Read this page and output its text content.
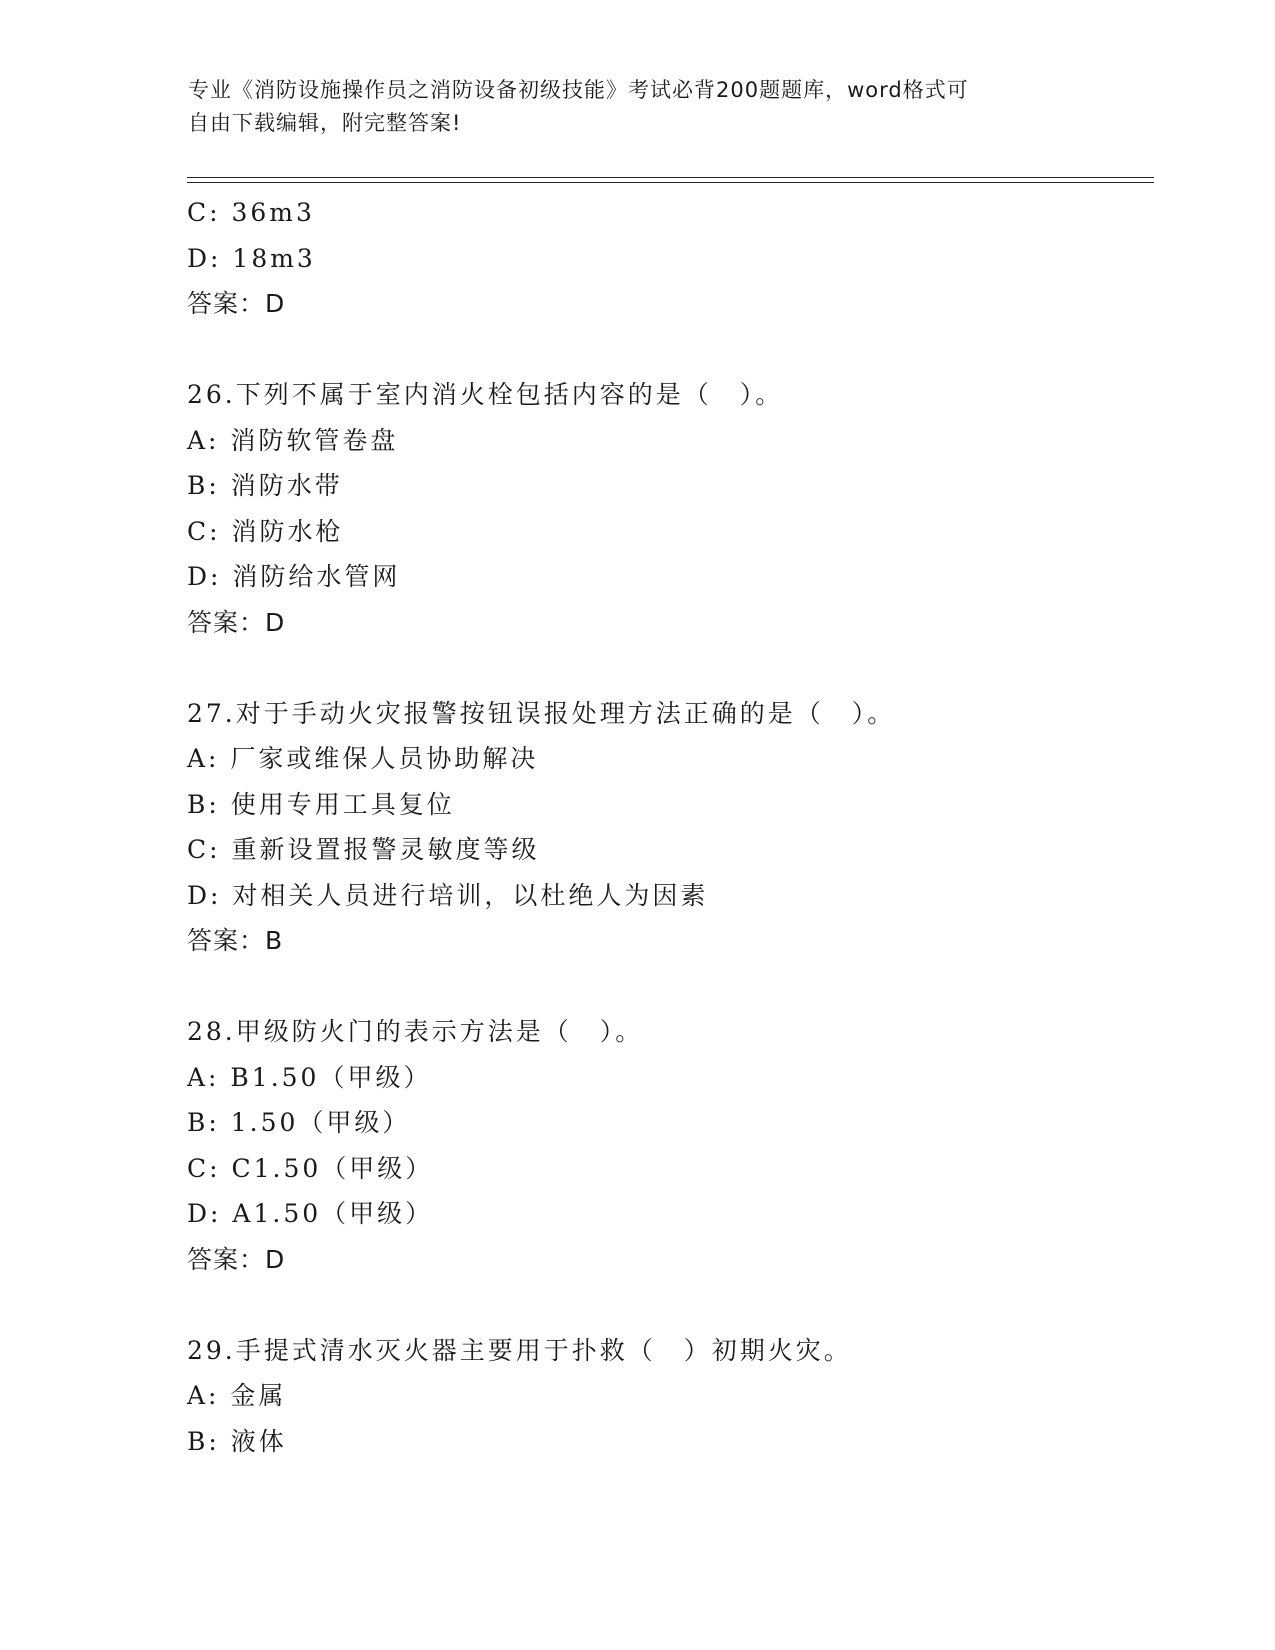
专业《消防设施操作员之消防设备初级技能》考试必背200题题库，word格式可
自由下载编辑，附完整答案!
C: 36m3
D: 18m3
答案：D
26.下列不属于室内消火栓包括内容的是（　）。
A: 消防软管卷盘
B: 消防水带
C: 消防水枪
D: 消防给水管网
答案：D
27.对于手动火灾报警按钮误报处理方法正确的是（　）。
A: 厂家或维保人员协助解决
B: 使用专用工具复位
C: 重新设置报警灵敏度等级
D: 对相关人员进行培训，以杜绝人为因素
答案：B
28.甲级防火门的表示方法是（　）。
A: B1.50（甲级）
B: 1.50（甲级）
C: C1.50（甲级）
D: A1.50（甲级）
答案：D
29.手提式清水灭火器主要用于扑救（　）初期火灾。
A: 金属
B: 液体
